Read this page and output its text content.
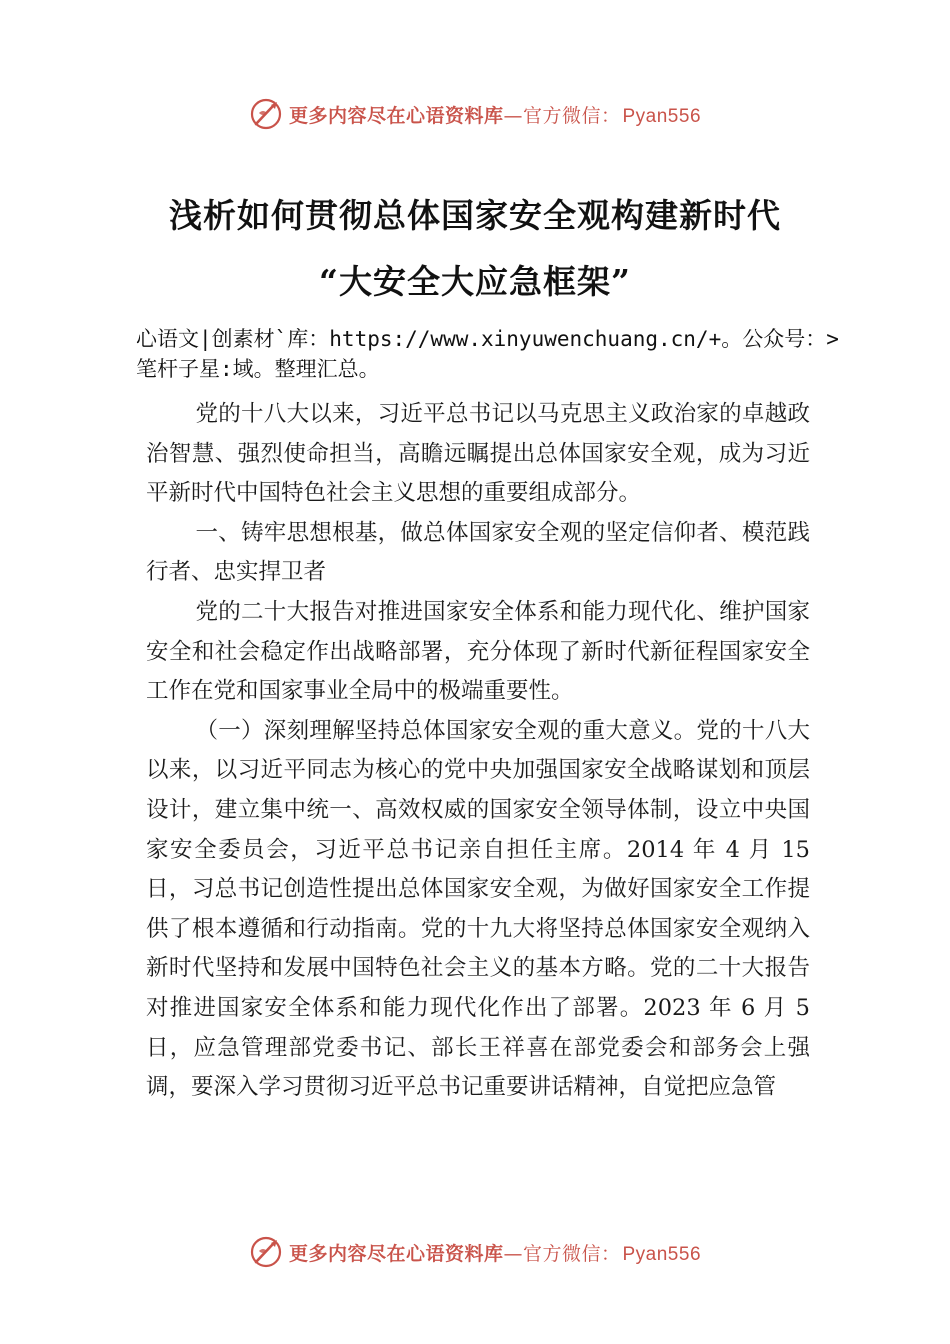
更多内容尽在心语资料库—官方微信： Pyan556
浅析如何贯彻总体国家安全观构建新时代
“大安全大应急框架”
心语文|创素材`库：https://www.xinyuwenchuang.cn/+。公众号：>笔杆子星:域。整理汇总。

党的十八大以来，习近平总书记以马克思主义政治家的卓越政治智慧、强烈使命担当，高瞻远瞩提出总体国家安全观，成为习近平新时代中国特色社会主义思想的重要组成部分。

一、铸牢思想根基，做总体国家安全观的坚定信仰者、模范践行者、忠实捍卫者

党的二十大报告对推进国家安全体系和能力现代化、维护国家安全和社会稳定作出战略部署，充分体现了新时代新征程国家安全工作在党和国家事业全局中的极端重要性。

（一）深刻理解坚持总体国家安全观的重大意义。党的十八大以来，以习近平同志为核心的党中央加强国家安全战略谋划和顶层设计，建立集中统一、高效权威的国家安全领导体制，设立中央国家安全委员会，习近平总书记亲自担任主席。2014 年 4 月 15 日，习总书记创造性提出总体国家安全观，为做好国家安全工作提供了根本遵循和行动指南。党的十九大将坚持总体国家安全观纳入新时代坚持和发展中国特色社会主义的基本方略。党的二十大报告对推进国家安全体系和能力现代化作出了部署。2023 年 6 月 5 日，应急管理部党委书记、部长王祥喜在部党委会和部务会上强调，要深入学习贯彻习近平总书记重要讲话精神，自觉把应急管

更多内容尽在心语资料库—官方微信： Pyan556
